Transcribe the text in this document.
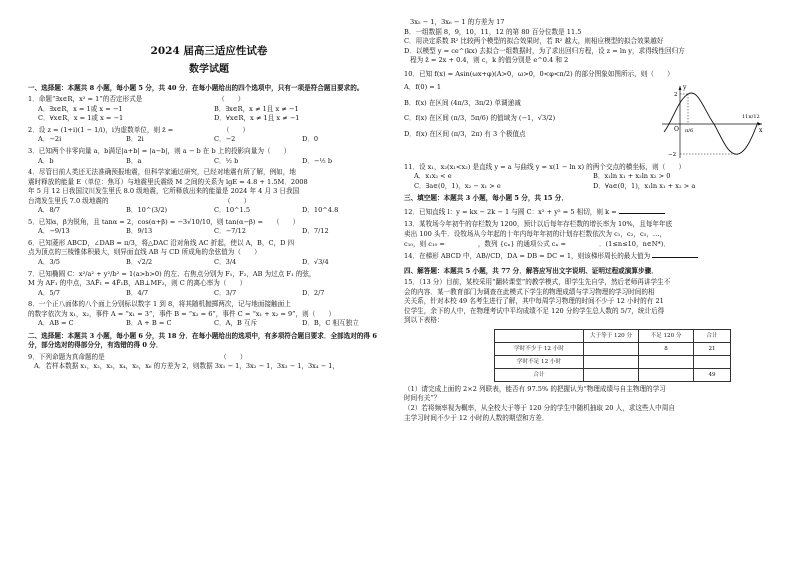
2024 届高三适应性试卷
数学试题
一、选择题：本题共 8 小题，每小题 5 分，共 40 分．在每小题给出的四个选项中，只有一项是符合题目要求的。
1．命题“∃x∈R，x² = 1”的否定形式是　　　　　　　　　　　　（　　）
A．∃x∈R，x = 1或 x = −1	B．∃x∈R，x ≠ 1且 x ≠ −1
C．∀x∈R，x = 1或 x = −1	D．∀x∈R，x ≠ 1且 x ≠ −1
2．设 z = (1+i)(1 − 1/i)，i为虚数单位，则 z̄ =　　　　　　　　（　　）
A．−2i	B．2i	C．−2	D．0
3．已知两个非零向量 a，b满足|a+b| = |a−b|，则 a − b 在 b 上的投影向量为（　　）
A．b	B．a	C．½ b	D．−½ b
4．尽管目前人类还无法准确预报地震，但科学家通过研究，已经对地震有所了解，例如，地
震时释放的能量 E（单位：焦耳）与地震里氏震级 M 之间的关系为 lgE = 4.8 + 1.5M．2008
年 5 月 12 日我国汶川发生里氏 8.0 级地震，它所释放出来的能量是 2024 年 4 月 3 日我国
台湾发生里氏 7.0 级地震的　　　　　　　　　　　　　　　　　　（　　）
A．8/7	B．10^(3/2)	C．10^1.5	D．10^4.8
5．已知α，β为锐角，且 tanα = 2，cos(α+β) = −3√10/10，则 tan(α−β) =　　（　　）
A．−9/13	B．9/13	C．−7/12	D．7/12
6．已知菱形 ABCD，∠DAB = π/3，将△DAC 沿对角线 AC 折起，使以 A，B，C，D 四
点为顶点的三棱锥体积最大，则异面直线 AB 与 CD 所成角的余弦值为（　　）
A．3/5	B．√2/2	C．3/4	D．√3/4
7．已知椭圆 C：x²/a² + y²/b² = 1(a>b>0) 的左、右焦点分别为 F₁，F₂，AB 为过点 F₁ 的弦，
M 为 AF₁ 的中点，3AF̄₁ = 4F̄₁B，AB⊥MF₂，则 C 的离心率为（　　）
A．5/7	B．4/7	C．3/7	D．2/7
8．一个正八面体的八个面上分别标以数字 1 到 8，将其随机抛掷两次，记与地面接触面上
的数字依次为 x₁，x₂，事件 A = “x₁ = 3”，事件 B = “x₂ = 6”，事件 C = “x₁ + x₂ = 9”，则（　　）
A．AB = C	B．A + B = C	C．A，B 互斥	D．B，C 相互独立
二、选择题：本题共 3 小题，每小题 6 分，共 18 分．在每小题给出的选项中，有多项符合题目要求．全部选对的得 6 分，部分选对的得部分分，有选错的得 0 分．
9．下列命题为真命题的是　　　　　　　　　　　　　　　　　　（　　）
A．若样本数据 x₁，x₂，x₃，x₄，x₅，x₆ 的方差为 2，则数据 3x₁ − 1，3x₂ − 1，3x₃ − 1，3x₄ − 1，
3x₅ − 1，3x₆ − 1 的方差为 17
B．一组数据 8，9，10，11，12 的第 80 百分位数是 11.5
C．用决定系数 R² 比较两个模型的拟合效果时，若 R² 越大，则相应模型的拟合效果越好
D．以模型 y = ce^(kx) 去拟合一组数据时，为了求出回归方程，设 z = ln y，求得线性回归方
程为 ẑ = 2x + 0.4，则 c，k 的值分别是 e^0.4 和 2
10．已知 f(x) = Asin(ωx+φ)(A>0，ω>0，0<φ<π/2) 的部分图象如图所示，则（　　）
A．f(0) = 1
B．f(x) 在区间 (4π/3，3π/2) 单调递减
C．f(x) 在区间 (π/3，5π/6) 的值域为 (−1，√3/2)
D．f(x) 在区间 (π/3，2π) 有 3 个极值点
y
x
O
2
−2
π/6
11π/12
11．设 x₁，x₂(x₁<x₂) 是直线 y = a 与曲线 y = x(1 − ln x) 的两个交点的横坐标，则（　　）
A．x₁x₂ < e	B．x₁ln x₁ + x₂ln x₂ > 0
C．∃a∈(0，1)，x₂ − x₁ > e	D．∀a∈(0，1)，x₁ln x₁ + x₂ > a
三、填空题：本题共 3 小题，每小题 5 分，共 15 分．
12．已知直线 l：y = kx − 2k − 1 与圆 C：x² + y² = 5 相切，则 k =
13．某牧场今年初牛的存栏数为 1200，预计以后每年存栏数的增长率为 10%，且每年年底
卖出 100 头牛．设牧场从今年起的十年内每年年初的计划存栏数依次为 c₁，c₂，c₃，…，
c₁₀，则 c₁₀ =　　　　　，数列 {cₙ} 的通项公式 cₙ =　　　　　．(1≤n≤10，n∈N*)．
14．在梯形 ABCD 中，AB//CD，DA = DB = DC = 1，则该梯形周长的最大值为
四、解答题：本题共 5 小题，共 77 分．解答应写出文字说明、证明过程或演算步骤．
15．（13 分）目前，某校采用“翻转课堂”的教学模式，即学生先自学，然后老师再讲学生不
会的内容．某一教育部门为调查在此模式下学生的物理成绩与学习物理的学习时间的相
关关系，针对本校 49 名考生进行了解，其中每周学习物理的时间不少于 12 小时的有 21
位学生，余下的人中，在物理考试中平均成绩不足 120 分的学生总人数的 5/7，统计后得
到以下表格：
	大于等于 120 分	不足 120 分	合计
学时不少于 12 小时		8	21
学时不足 12 小时			
合计			49
（1）请完成上面的 2×2 列联表，能否有 97.5% 的把握认为“物理成绩与自主物理的学习
时间有关”？
（2）若将频率视为概率，从全校大于等于 120 分的学生中随机抽取 20 人，求这些人中周自
主学习时间不少于 12 小时的人数的期望和方差．
